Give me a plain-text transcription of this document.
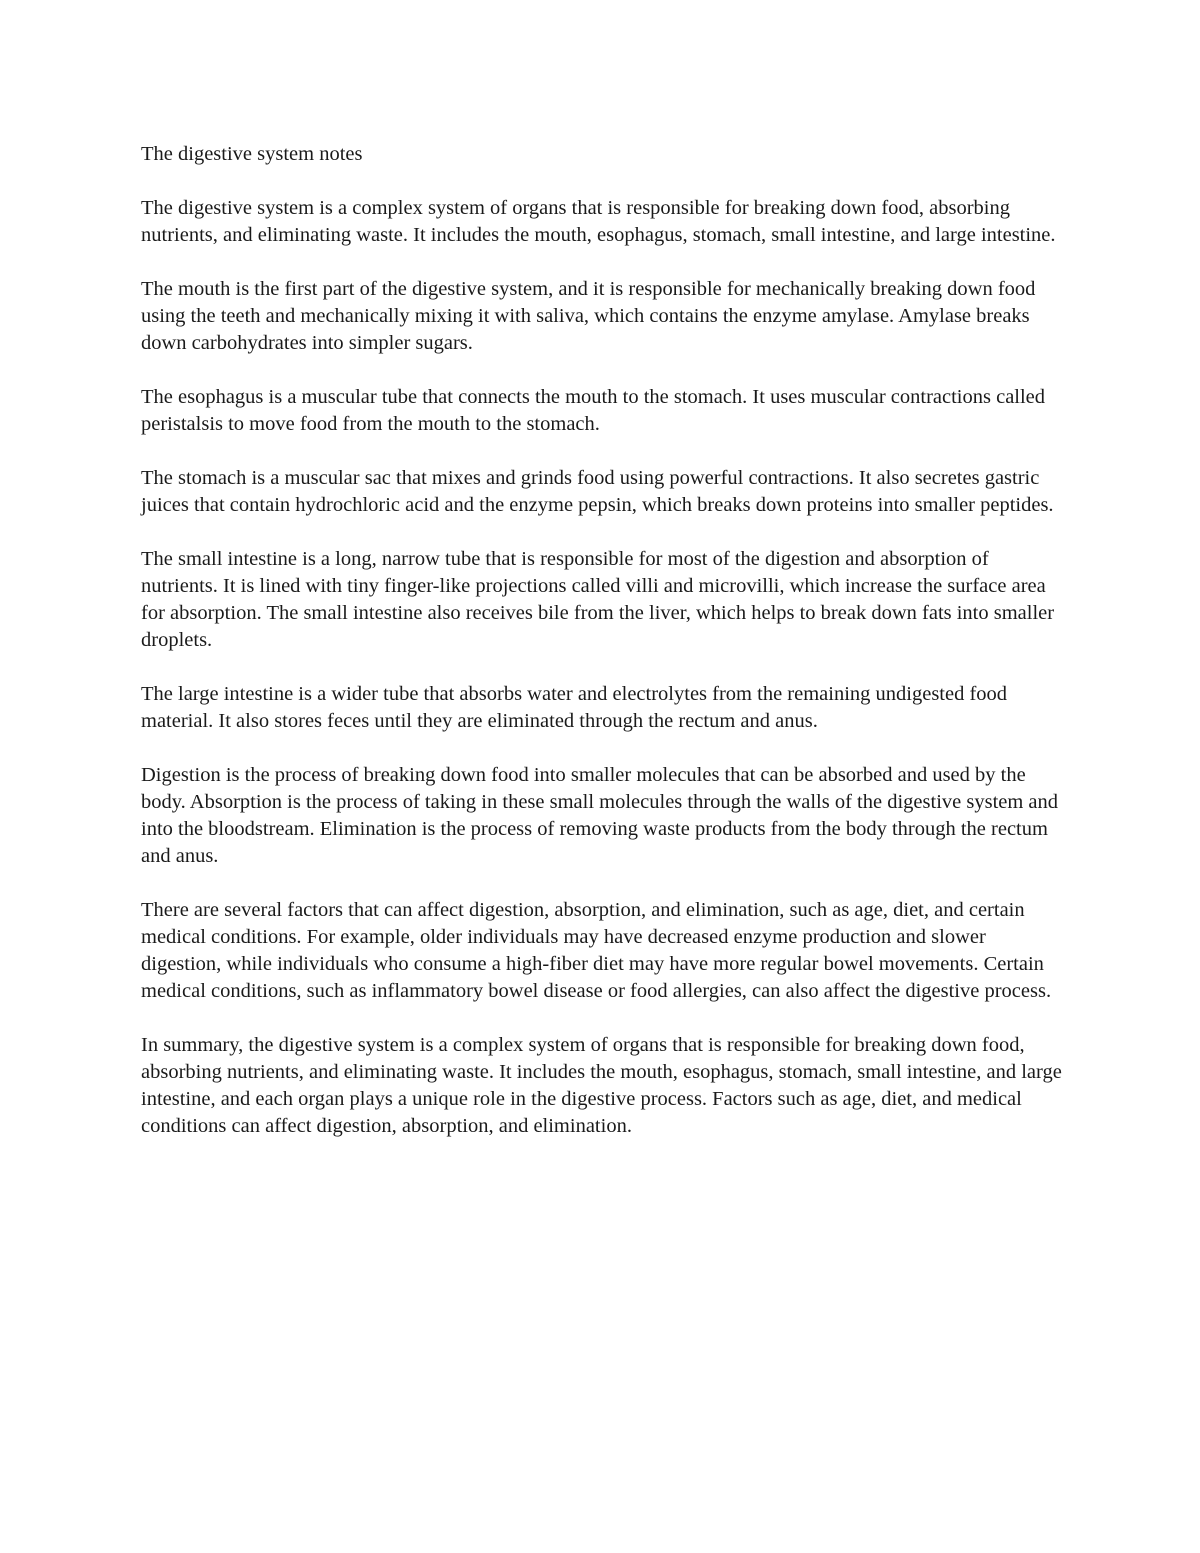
The digestive system notes

The digestive system is a complex system of organs that is responsible for breaking down food, absorbing nutrients, and eliminating waste. It includes the mouth, esophagus, stomach, small intestine, and large intestine.

The mouth is the first part of the digestive system, and it is responsible for mechanically breaking down food using the teeth and mechanically mixing it with saliva, which contains the enzyme amylase. Amylase breaks down carbohydrates into simpler sugars.

The esophagus is a muscular tube that connects the mouth to the stomach. It uses muscular contractions called peristalsis to move food from the mouth to the stomach.

The stomach is a muscular sac that mixes and grinds food using powerful contractions. It also secretes gastric juices that contain hydrochloric acid and the enzyme pepsin, which breaks down proteins into smaller peptides.

The small intestine is a long, narrow tube that is responsible for most of the digestion and absorption of nutrients. It is lined with tiny finger-like projections called villi and microvilli, which increase the surface area for absorption. The small intestine also receives bile from the liver, which helps to break down fats into smaller droplets.

The large intestine is a wider tube that absorbs water and electrolytes from the remaining undigested food material. It also stores feces until they are eliminated through the rectum and anus.

Digestion is the process of breaking down food into smaller molecules that can be absorbed and used by the body. Absorption is the process of taking in these small molecules through the walls of the digestive system and into the bloodstream. Elimination is the process of removing waste products from the body through the rectum and anus.

There are several factors that can affect digestion, absorption, and elimination, such as age, diet, and certain medical conditions. For example, older individuals may have decreased enzyme production and slower digestion, while individuals who consume a high-fiber diet may have more regular bowel movements. Certain medical conditions, such as inflammatory bowel disease or food allergies, can also affect the digestive process.

In summary, the digestive system is a complex system of organs that is responsible for breaking down food, absorbing nutrients, and eliminating waste. It includes the mouth, esophagus, stomach, small intestine, and large intestine, and each organ plays a unique role in the digestive process. Factors such as age, diet, and medical conditions can affect digestion, absorption, and elimination.
